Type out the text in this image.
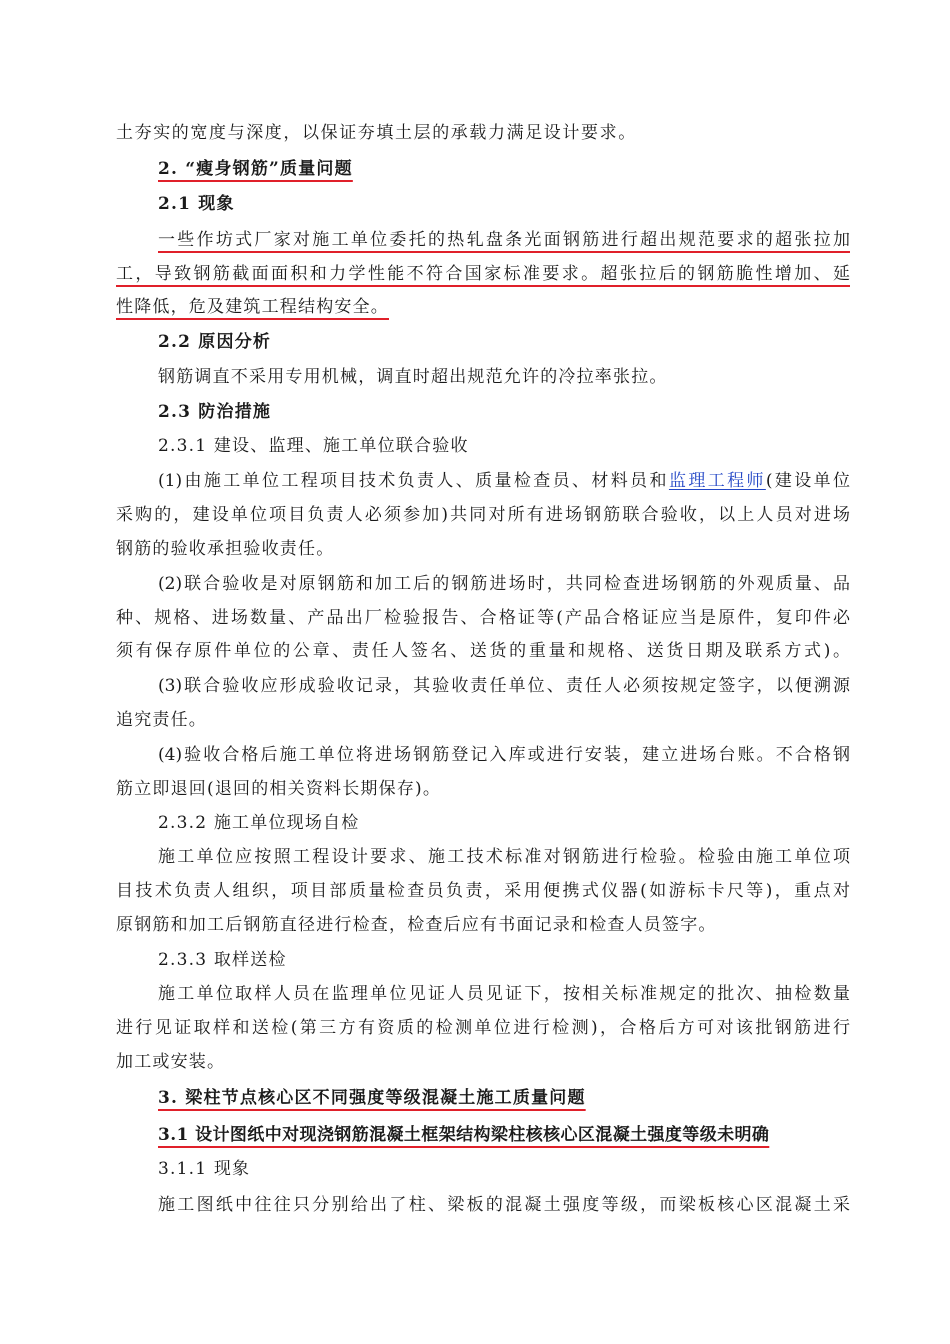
土夯实的宽度与深度，以保证夯填土层的承载力满足设计要求。
2. “瘦身钢筋”质量问题
2.1 现象
一些作坊式厂家对施工单位委托的热轧盘条光面钢筋进行超出规范要求的超张拉加
工，导致钢筋截面面积和力学性能不符合国家标准要求。超张拉后的钢筋脆性增加、延
性降低，危及建筑工程结构安全。
2.2 原因分析
钢筋调直不采用专用机械，调直时超出规范允许的冷拉率张拉。
2.3 防治措施
2.3.1 建设、监理、施工单位联合验收
(1)由施工单位工程项目技术负责人、质量检查员、材料员和监理工程师(建设单位
采购的，建设单位项目负责人必须参加)共同对所有进场钢筋联合验收，以上人员对进场
钢筋的验收承担验收责任。
(2)联合验收是对原钢筋和加工后的钢筋进场时，共同检查进场钢筋的外观质量、品
种、规格、进场数量、产品出厂检验报告、合格证等(产品合格证应当是原件，复印件必
须有保存原件单位的公章、责任人签名、送货的重量和规格、送货日期及联系方式)。
(3)联合验收应形成验收记录，其验收责任单位、责任人必须按规定签字，以便溯源
追究责任。
(4)验收合格后施工单位将进场钢筋登记入库或进行安装，建立进场台账。不合格钢
筋立即退回(退回的相关资料长期保存)。
2.3.2 施工单位现场自检
施工单位应按照工程设计要求、施工技术标准对钢筋进行检验。检验由施工单位项
目技术负责人组织，项目部质量检查员负责，采用便携式仪器(如游标卡尺等)，重点对
原钢筋和加工后钢筋直径进行检查，检查后应有书面记录和检查人员签字。
2.3.3 取样送检
施工单位取样人员在监理单位见证人员见证下，按相关标准规定的批次、抽检数量
进行见证取样和送检(第三方有资质的检测单位进行检测)，合格后方可对该批钢筋进行
加工或安装。
3. 梁柱节点核心区不同强度等级混凝土施工质量问题
3.1 设计图纸中对现浇钢筋混凝土框架结构梁柱核核心区混凝土强度等级未明确
3.1.1 现象
施工图纸中往往只分别给出了柱、梁板的混凝土强度等级，而梁板核心区混凝土采
